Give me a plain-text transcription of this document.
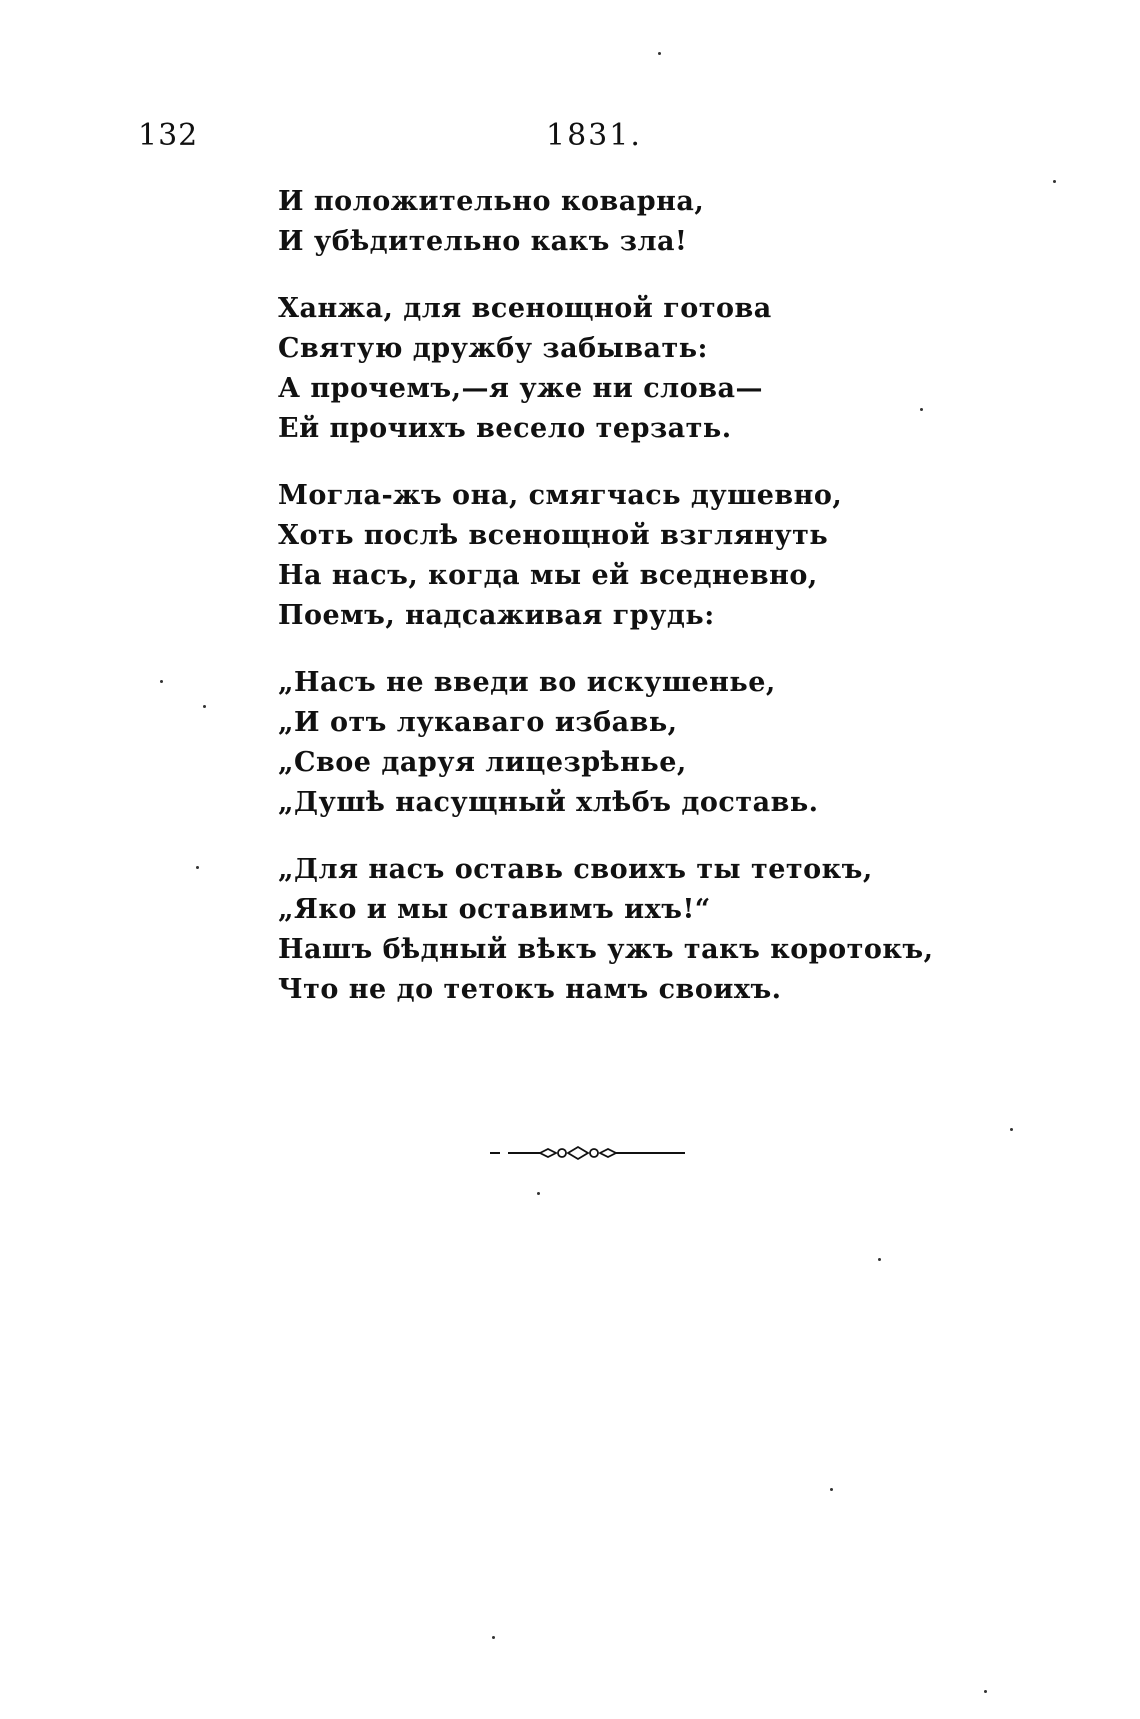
132	1831.
И положительно коварна,
И убѣдительно какъ зла!
Ханжа, для всенощной готова
Святую дружбу забывать:
А прочемъ,—я уже ни слова—
Ей прочихъ весело терзать.
Могла-жъ она, смягчась душевно,
Хоть послѣ всенощной взглянуть
На насъ, когда мы ей вседневно,
Поемъ, надсаживая грудь:
„Насъ не введи во искушенье,
„И отъ лукаваго избавь,
„Свое даруя лицезрѣнье,
„Душѣ насущный хлѣбъ доставь.
„Для насъ оставь своихъ ты тетокъ,
„Яко и мы оставимъ ихъ!“
Нашъ бѣдный вѣкъ ужъ такъ коротокъ,
Что не до тетокъ намъ своихъ.
